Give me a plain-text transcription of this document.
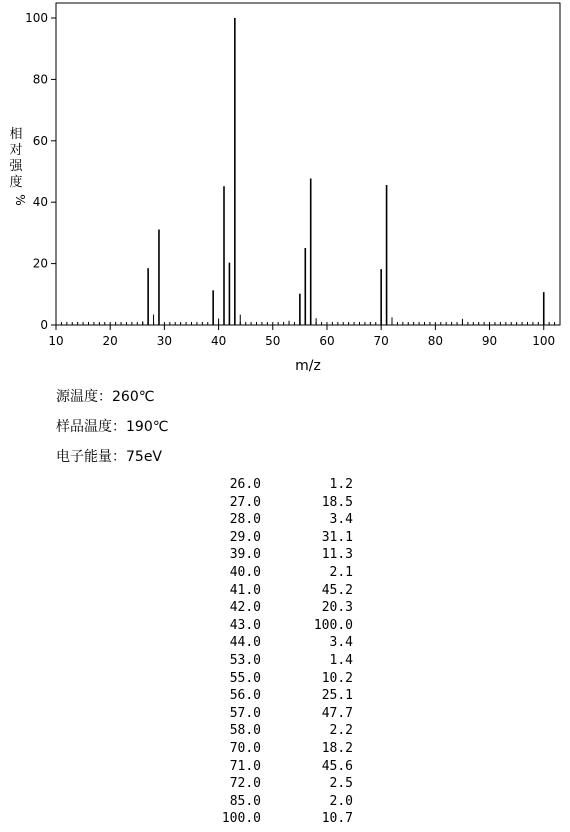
10	20	30	40	50	60	70	80	90	100
0
20
40
60
80
100
m/z
相
对
强
度
%
源温度：260℃
样品温度：190℃
电子能量：75eV
26.0	1.2
27.0	18.5
28.0	3.4
29.0	31.1
39.0	11.3
40.0	2.1
41.0	45.2
42.0	20.3
43.0	100.0
44.0	3.4
53.0	1.4
55.0	10.2
56.0	25.1
57.0	47.7
58.0	2.2
70.0	18.2
71.0	45.6
72.0	2.5
85.0	2.0
100.0	10.7
